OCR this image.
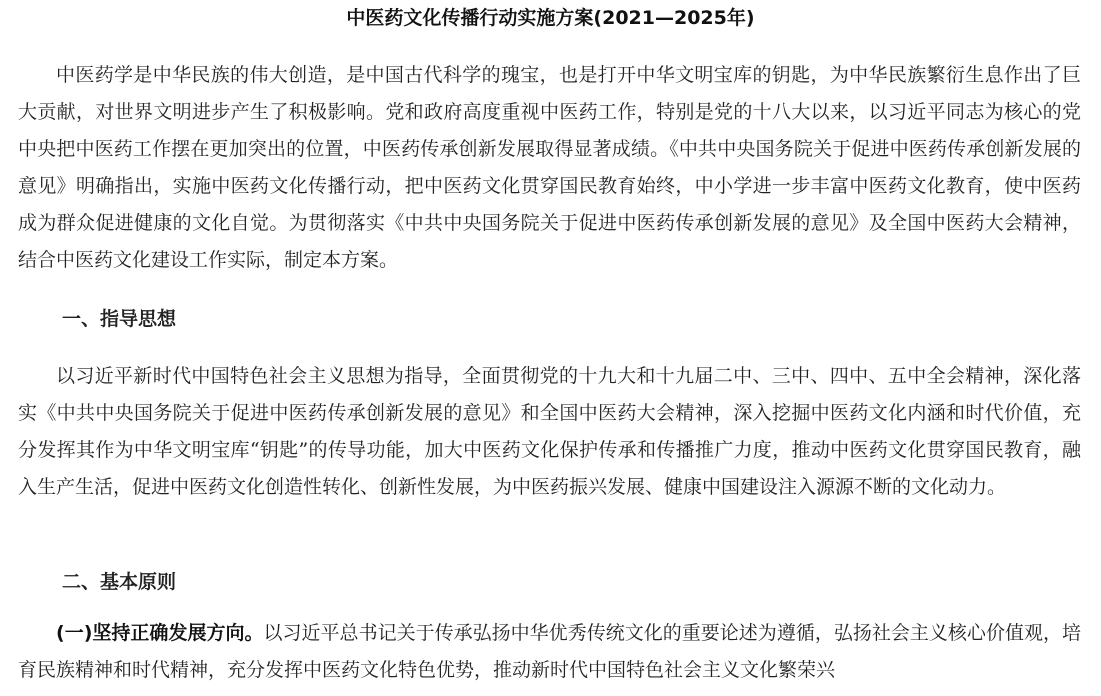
中医药文化传播行动实施方案(2021—2025年)

中医药学是中华民族的伟大创造，是中国古代科学的瑰宝，也是打开中华文明宝库的钥匙，为中华民族繁衍生息作出了巨大贡献，对世界文明进步产生了积极影响。党和政府高度重视中医药工作，特别是党的十八大以来，以习近平同志为核心的党中央把中医药工作摆在更加突出的位置，中医药传承创新发展取得显著成绩。《中共中央国务院关于促进中医药传承创新发展的意见》明确指出，实施中医药文化传播行动，把中医药文化贯穿国民教育始终，中小学进一步丰富中医药文化教育，使中医药成为群众促进健康的文化自觉。为贯彻落实《中共中央国务院关于促进中医药传承创新发展的意见》及全国中医药大会精神，结合中医药文化建设工作实际，制定本方案。

一、指导思想

以习近平新时代中国特色社会主义思想为指导，全面贯彻党的十九大和十九届二中、三中、四中、五中全会精神，深化落实《中共中央国务院关于促进中医药传承创新发展的意见》和全国中医药大会精神，深入挖掘中医药文化内涵和时代价值，充分发挥其作为中华文明宝库“钥匙”的传导功能，加大中医药文化保护传承和传播推广力度，推动中医药文化贯穿国民教育，融入生产生活，促进中医药文化创造性转化、创新性发展，为中医药振兴发展、健康中国建设注入源源不断的文化动力。

二、基本原则

(一)坚持正确发展方向。以习近平总书记关于传承弘扬中华优秀传统文化的重要论述为遵循，弘扬社会主义核心价值观，培育民族精神和时代精神，充分发挥中医药文化特色优势，推动新时代中国特色社会主义文化繁荣兴
